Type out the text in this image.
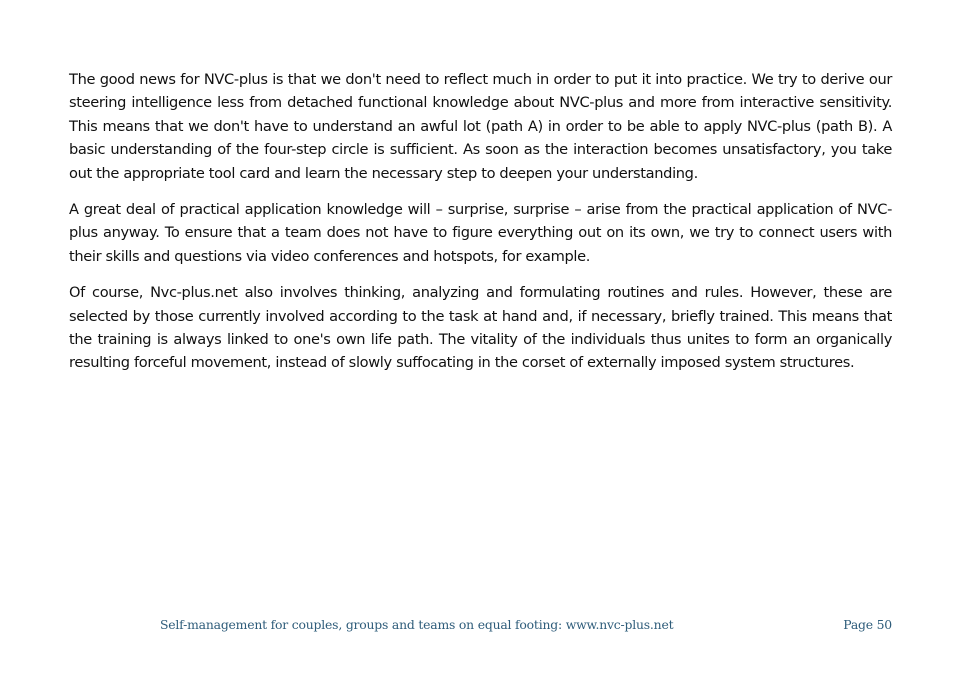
The good news for NVC-plus is that we don't need to reflect much in order to put it into practice. We try to derive our steering intelligence less from detached functional knowledge about NVC-plus and more from interactive sensitivity. This means that we don't have to understand an awful lot (path A) in order to be able to apply NVC-plus (path B). A basic understanding of the four-step circle is sufficient. As soon as the interaction becomes unsatisfactory, you take out the appropriate tool card and learn the necessary step to deepen your understanding.

A great deal of practical application knowledge will – surprise, surprise – arise from the practical application of NVC-plus anyway. To ensure that a team does not have to figure everything out on its own, we try to connect users with their skills and questions via video conferences and hotspots, for example.

Of course, Nvc-plus.net also involves thinking, analyzing and formulating routines and rules. However, these are selected by those currently involved according to the task at hand and, if necessary, briefly trained. This means that the training is always linked to one's own life path. The vitality of the individuals thus unites to form an organically resulting forceful movement, instead of slowly suffocating in the corset of externally imposed system structures.

Self-management for couples, groups and teams on equal footing: www.nvc-plus.net	Page 50
